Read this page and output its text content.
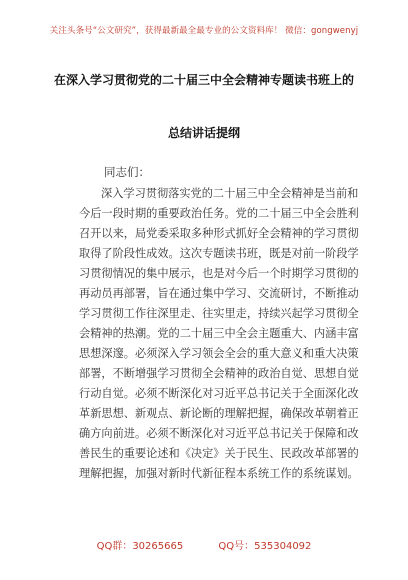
关注头条号“公文研究”，获得最新最全最专业的公文资料库！ 微信：gongwenyj
在深入学习贯彻党的二十届三中全会精神专题读书班上的
总结讲话提纲
同志们：
深入学习贯彻落实党的二十届三中全会精神是当前和
今后一段时期的重要政治任务。党的二十届三中全会胜利
召开以来，局党委采取多种形式抓好全会精神的学习贯彻
取得了阶段性成效。这次专题读书班，既是对前一阶段学
习贯彻情况的集中展示，也是对今后一个时期学习贯彻的
再动员再部署，旨在通过集中学习、交流研讨，不断推动
学习贯彻工作往深里走、往实里走，持续兴起学习贯彻全
会精神的热潮。党的二十届三中全会主题重大、内涵丰富
思想深邃。必须深入学习领会全会的重大意义和重大决策
部署，不断增强学习贯彻全会精神的政治自觉、思想自觉
行动自觉。必须不断深化对习近平总书记关于全面深化改
革新思想、新观点、新论断的理解把握，确保改革朝着正
确方向前进。必须不断深化对习近平总书记关于保障和改
善民生的重要论述和《决定》关于民生、民政改革部署的
理解把握，加强对新时代新征程本系统工作的系统谋划。
QQ群：30265665	QQ号：535304092
